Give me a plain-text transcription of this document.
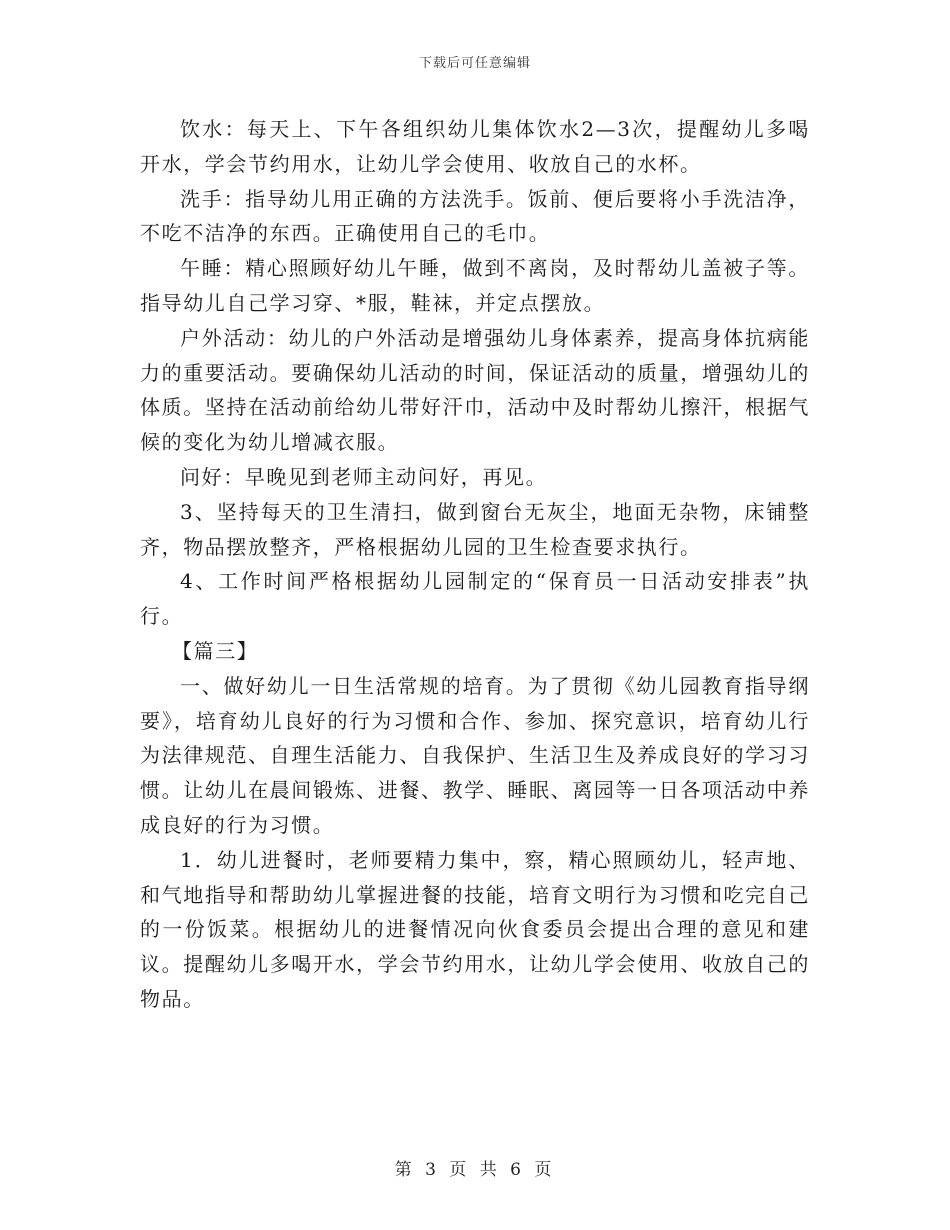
下载后可任意编辑

饮水：每天上、下午各组织幼儿集体饮水2—3次，提醒幼儿多喝开水，学会节约用水，让幼儿学会使用、收放自己的水杯。

洗手：指导幼儿用正确的方法洗手。饭前、便后要将小手洗洁净，不吃不洁净的东西。正确使用自己的毛巾。

午睡：精心照顾好幼儿午睡，做到不离岗，及时帮幼儿盖被子等。指导幼儿自己学习穿、*服，鞋袜，并定点摆放。

户外活动：幼儿的户外活动是增强幼儿身体素养，提高身体抗病能力的重要活动。要确保幼儿活动的时间，保证活动的质量，增强幼儿的体质。坚持在活动前给幼儿带好汗巾，活动中及时帮幼儿擦汗，根据气候的变化为幼儿增减衣服。

问好：早晚见到老师主动问好，再见。

3、坚持每天的卫生清扫，做到窗台无灰尘，地面无杂物，床铺整齐，物品摆放整齐，严格根据幼儿园的卫生检查要求执行。

4、工作时间严格根据幼儿园制定的“保育员一日活动安排表”执行。

【篇三】

一、做好幼儿一日生活常规的培育。为了贯彻《幼儿园教育指导纲要》，培育幼儿良好的行为习惯和合作、参加、探究意识，培育幼儿行为法律规范、自理生活能力、自我保护、生活卫生及养成良好的学习习惯。让幼儿在晨间锻炼、进餐、教学、睡眠、离园等一日各项活动中养成良好的行为习惯。

1．幼儿进餐时，老师要精力集中，察，精心照顾幼儿，轻声地、和气地指导和帮助幼儿掌握进餐的技能，培育文明行为习惯和吃完自己的一份饭菜。根据幼儿的进餐情况向伙食委员会提出合理的意见和建议。提醒幼儿多喝开水，学会节约用水，让幼儿学会使用、收放自己的物品。

第 3 页 共 6 页
